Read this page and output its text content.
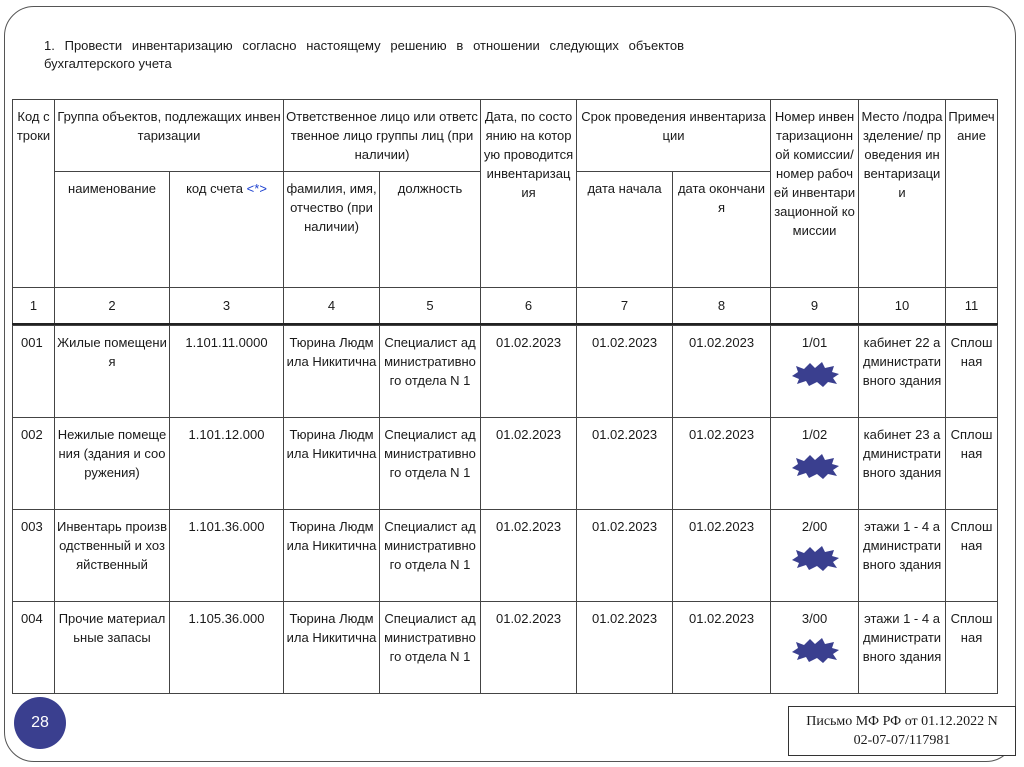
1. Провести инвентаризацию согласно настоящему решению в отношении следующих объектов бухгалтерского учета
Код строки	Группа объектов, подлежащих инвентаризации		Ответственное лицо или ответственное лицо группы лиц (при наличии)		Дата, по состоянию на которую проводится инвентаризация	Срок проведения инвентаризации		Номер инвентаризационной комиссии/номер рабочей инвентаризационной комиссии	Место /подразделение/ проведения инвентаризации	Примечание
	наименование	код счета <*>	фамилия, имя, отчество (при наличии)	должность		дата начала	дата окончания			
1	2	3	4	5	6	7	8	9	10	11

001	Жилые помещения	1.101.11.0000	Тюрина Людмила Никитична	Специалист административного отдела N 1	01.02.2023	01.02.2023	01.02.2023	1/01	кабинет 22 административного здания	Сплошная
002	Нежилые помещения (здания и сооружения)	1.101.12.000	Тюрина Людмила Никитична	Специалист административного отдела N 1	01.02.2023	01.02.2023	01.02.2023	1/02	кабинет 23 административного здания	Сплошная
003	Инвентарь производственный и хозяйственный	1.101.36.000	Тюрина Людмила Никитична	Специалист административного отдела N 1	01.02.2023	01.02.2023	01.02.2023	2/00	этажи 1 - 4 административного здания	Сплошная
004	Прочие материальные запасы	1.105.36.000	Тюрина Людмила Никитична	Специалист административного отдела N 1	01.02.2023	01.02.2023	01.02.2023	3/00	этажи 1 - 4 административного здания	Сплошная
28	Письмо МФ РФ от 01.12.2022 N
02-07-07/117981
